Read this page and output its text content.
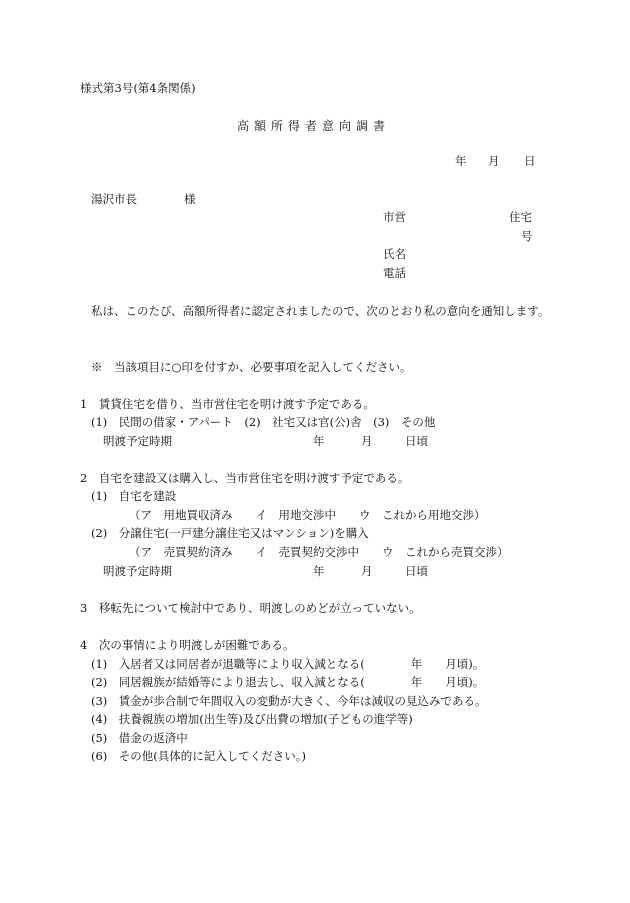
様式第3号(第4条関係)
高額所得者意向調書
年 月 日
湯沢市長	様
市営	住宅
号
氏名
電話
私は、このたび、高額所得者に認定されましたので、次のとおり私の意向を通知します。
※　当該項目に○印を付すか、必要事項を記入してください。
1　賃貸住宅を借り、当市営住宅を明け渡す予定である。
(1)　民間の借家・アパート　(2)　社宅又は官(公)舎　(3)　その他
明渡予定時期	年	月	日頃
2　自宅を建設又は購入し、当市営住宅を明け渡す予定である。
(1)　自宅を建設
（ア　用地買収済み　　イ　用地交渉中　　ウ　これから用地交渉）
(2)　分譲住宅(一戸建分譲住宅又はマンション)を購入
（ア　売買契約済み　　イ　売買契約交渉中　　ウ　これから売買交渉）
明渡予定時期	年	月	日頃
3　移転先について検討中であり、明渡しのめどが立っていない。
4　次の事情により明渡しが困難である。
(1)　入居者又は同居者が退職等により収入減となる(　　　　年　　月頃)。
(2)　同居親族が結婚等により退去し、収入減となる(　　　　年　　月頃)。
(3)　賃金が歩合制で年間収入の変動が大きく、今年は減収の見込みである。
(4)　扶養親族の増加(出生等)及び出費の増加(子どもの進学等)
(5)　借金の返済中
(6)　その他(具体的に記入してください。)
